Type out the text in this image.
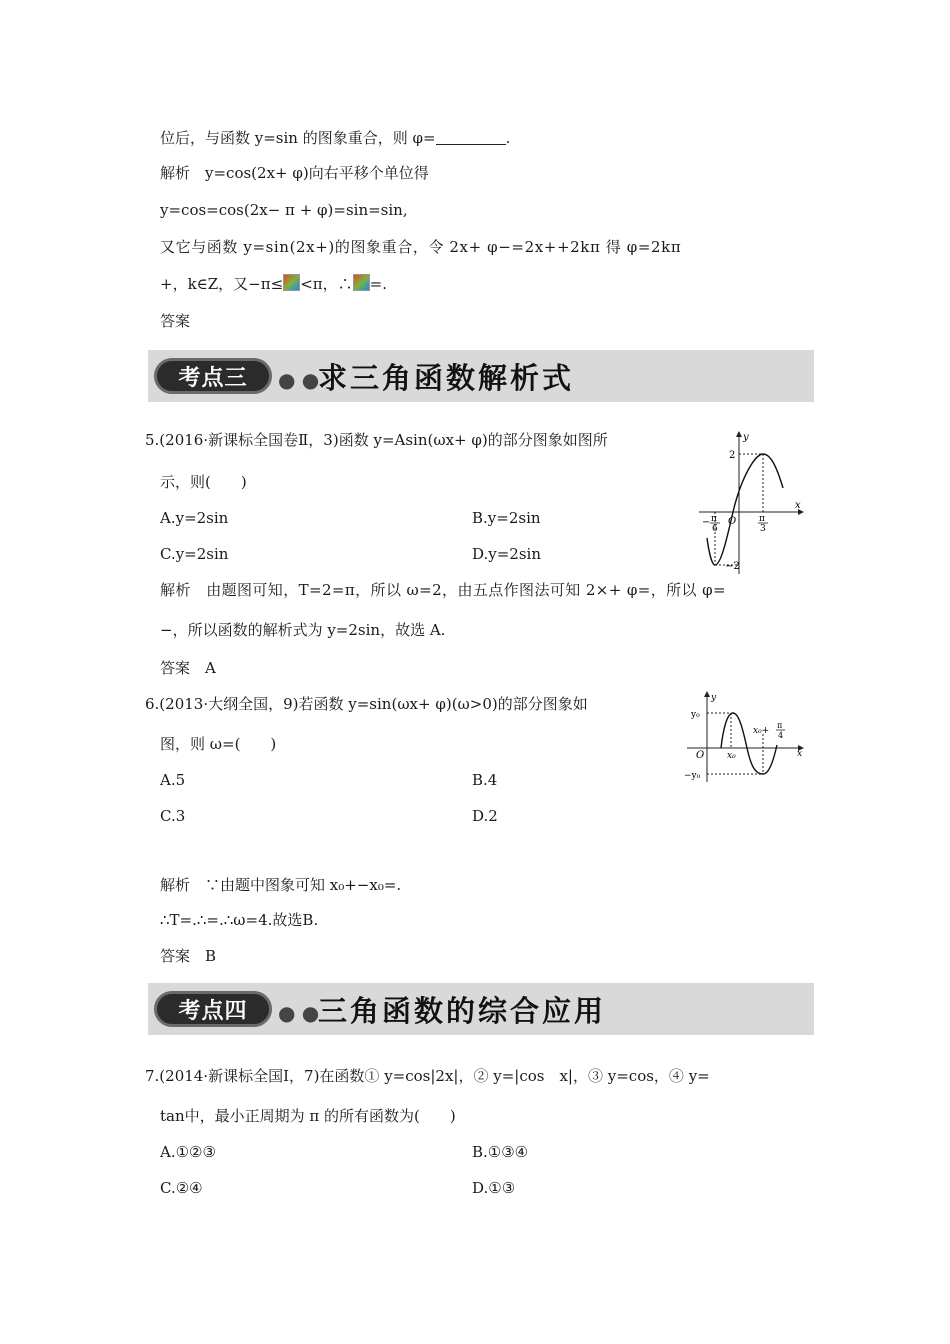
位后，与函数 y=sin 的图象重合，则 φ=	.
解析　y=cos(2x+ φ)向右平移个单位得
y=cos=cos(2x− π + φ)=sin=sin,
又它与函数 y=sin(2x+)的图象重合，令 2x+ φ−=2x++2kπ 得 φ=2kπ
+，k∈Z，又−π≤ <π，∴ =.
答案
考点三	● ●
求三角函数解析式
5.(2016·新课标全国卷Ⅱ，3)函数 y=Asin(ωx+ φ)的部分图象如图所
示，则(　　)
A.y=2sin	B.y=2sin
C.y=2sin	D.y=2sin
解析　由题图可知，T=2=π，所以 ω=2，由五点作图法可知 2×+ φ=，所以 φ=
−，所以函数的解析式为 y=2sin，故选 A.
答案　A
y
x
2
−2
O
− π
6
π
3
6.(2013·大纲全国，9)若函数 y=sin(ωx+ φ)(ω>0)的部分图象如
图，则 ω=(　　)
A.5	B.4
C.3	D.2
解析　∵由题中图象可知 x₀+−x₀=.
∴T=.∴=.∴ω=4.故选B.
答案　B
y
x
y₀
−y₀
O	x₀
x₀+
π
4
考点四	● ●
三角函数的综合应用
7.(2014·新课标全国Ⅰ，7)在函数① y=cos|2x|，② y=|cos　x|，③ y=cos，④ y=
tan中，最小正周期为 π 的所有函数为(　　)
A.①②③	B.①③④
C.②④	D.①③
